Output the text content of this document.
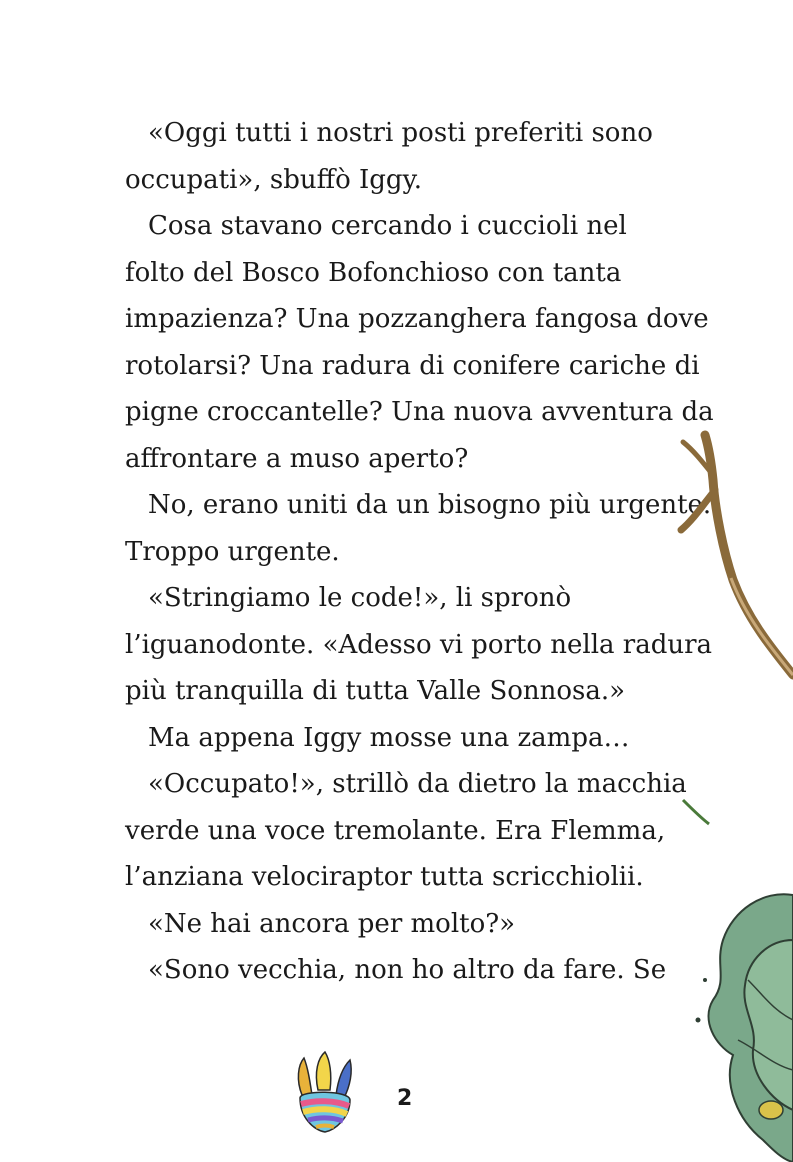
«Oggi tutti i nostri posti preferiti sono
occupati», sbuffò Iggy.
Cosa stavano cercando i cuccioli nel
folto del Bosco Bofonchioso con tanta
impazienza? Una pozzanghera fangosa dove
rotolarsi? Una radura di conifere cariche di
pigne croccantelle? Una nuova avventura da
affrontare a muso aperto?
No, erano uniti da un bisogno più urgente.
Troppo urgente.
«Stringiamo le code!», li spronò
l’iguanodonte. «Adesso vi porto nella radura
più tranquilla di tutta Valle Sonnosa.»
Ma appena Iggy mosse una zampa…
«Occupato!», strillò da dietro la macchia
verde una voce tremolante. Era Flemma,
l’anziana velociraptor tutta scricchiolii.
«Ne hai ancora per molto?»
«Sono vecchia, non ho altro da fare. Se
2
